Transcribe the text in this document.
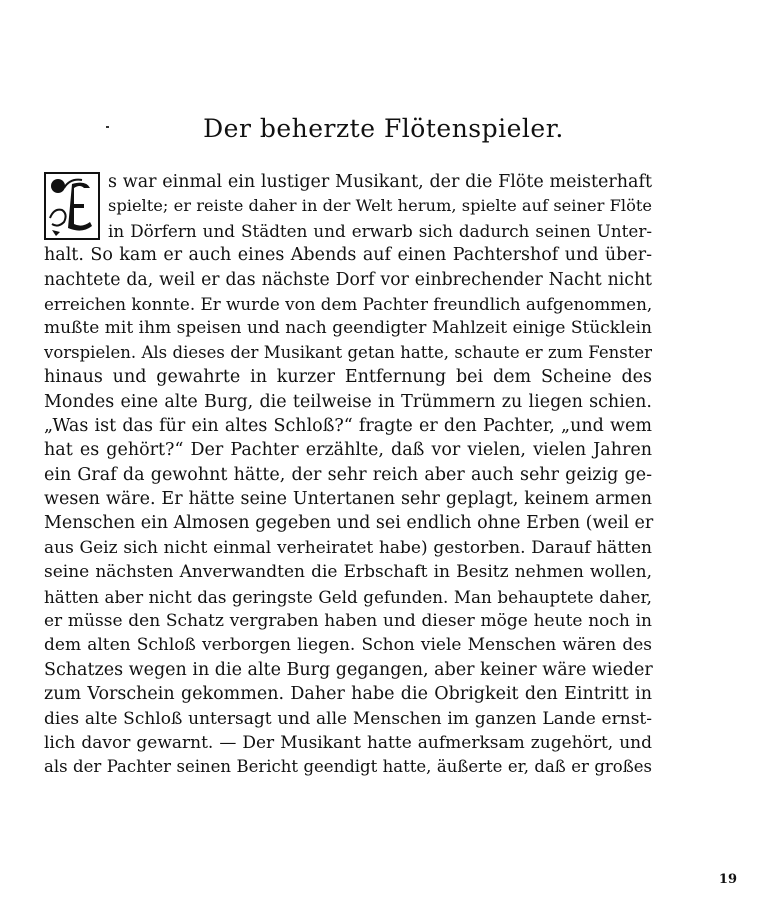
Der beherzte Flötenspieler.
E	s war einmal ein lustiger Musikant, der die Flöte meisterhaft
spielte; er reiste daher in der Welt herum, spielte auf seiner Flöte
in Dörfern und Städten und erwarb sich dadurch seinen Unter-
halt. So kam er auch eines Abends auf einen Pachtershof und über-
nachtete da, weil er das nächste Dorf vor einbrechender Nacht nicht
erreichen konnte. Er wurde von dem Pachter freundlich aufgenommen,
mußte mit ihm speisen und nach geendigter Mahlzeit einige Stücklein
vorspielen. Als dieses der Musikant getan hatte, schaute er zum Fenster
hinaus und gewahrte in kurzer Entfernung bei dem Scheine des
Mondes eine alte Burg, die teilweise in Trümmern zu liegen schien.
„Was ist das für ein altes Schloß?“ fragte er den Pachter, „und wem
hat es gehört?“ Der Pachter erzählte, daß vor vielen, vielen Jahren
ein Graf da gewohnt hätte, der sehr reich aber auch sehr geizig ge-
wesen wäre. Er hätte seine Untertanen sehr geplagt, keinem armen
Menschen ein Almosen gegeben und sei endlich ohne Erben (weil er
aus Geiz sich nicht einmal verheiratet habe) gestorben. Darauf hätten
seine nächsten Anverwandten die Erbschaft in Besitz nehmen wollen,
hätten aber nicht das geringste Geld gefunden. Man behauptete daher,
er müsse den Schatz vergraben haben und dieser möge heute noch in
dem alten Schloß verborgen liegen. Schon viele Menschen wären des
Schatzes wegen in die alte Burg gegangen, aber keiner wäre wieder
zum Vorschein gekommen. Daher habe die Obrigkeit den Eintritt in
dies alte Schloß untersagt und alle Menschen im ganzen Lande ernst-
lich davor gewarnt. — Der Musikant hatte aufmerksam zugehört, und
als der Pachter seinen Bericht geendigt hatte, äußerte er, daß er großes
19
